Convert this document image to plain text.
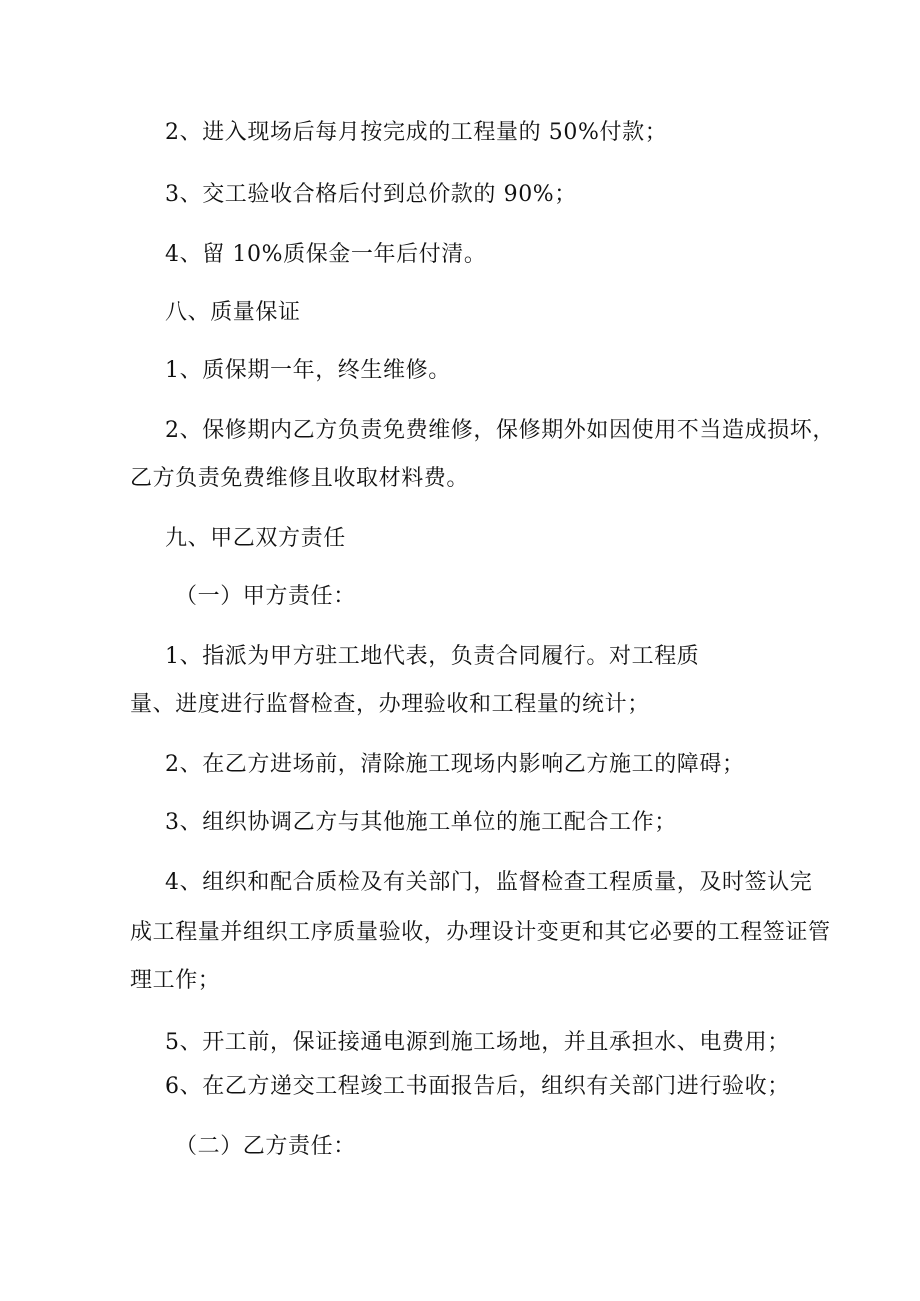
2、进入现场后每月按完成的工程量的 50%付款；
3、交工验收合格后付到总价款的 90%；
4、留 10%质保金一年后付清。
八、质量保证
1、质保期一年，终生维修。
2、保修期内乙方负责免费维修，保修期外如因使用不当造成损坏，
乙方负责免费维修且收取材料费。
九、甲乙双方责任
（一）甲方责任：
1、指派为甲方驻工地代表，负责合同履行。对工程质
量、进度进行监督检查，办理验收和工程量的统计；
2、在乙方进场前，清除施工现场内影响乙方施工的障碍；
3、组织协调乙方与其他施工单位的施工配合工作；
4、组织和配合质检及有关部门，监督检查工程质量，及时签认完
成工程量并组织工序质量验收，办理设计变更和其它必要的工程签证管
理工作；
5、开工前，保证接通电源到施工场地，并且承担水、电费用；
6、在乙方递交工程竣工书面报告后，组织有关部门进行验收；
（二）乙方责任：
